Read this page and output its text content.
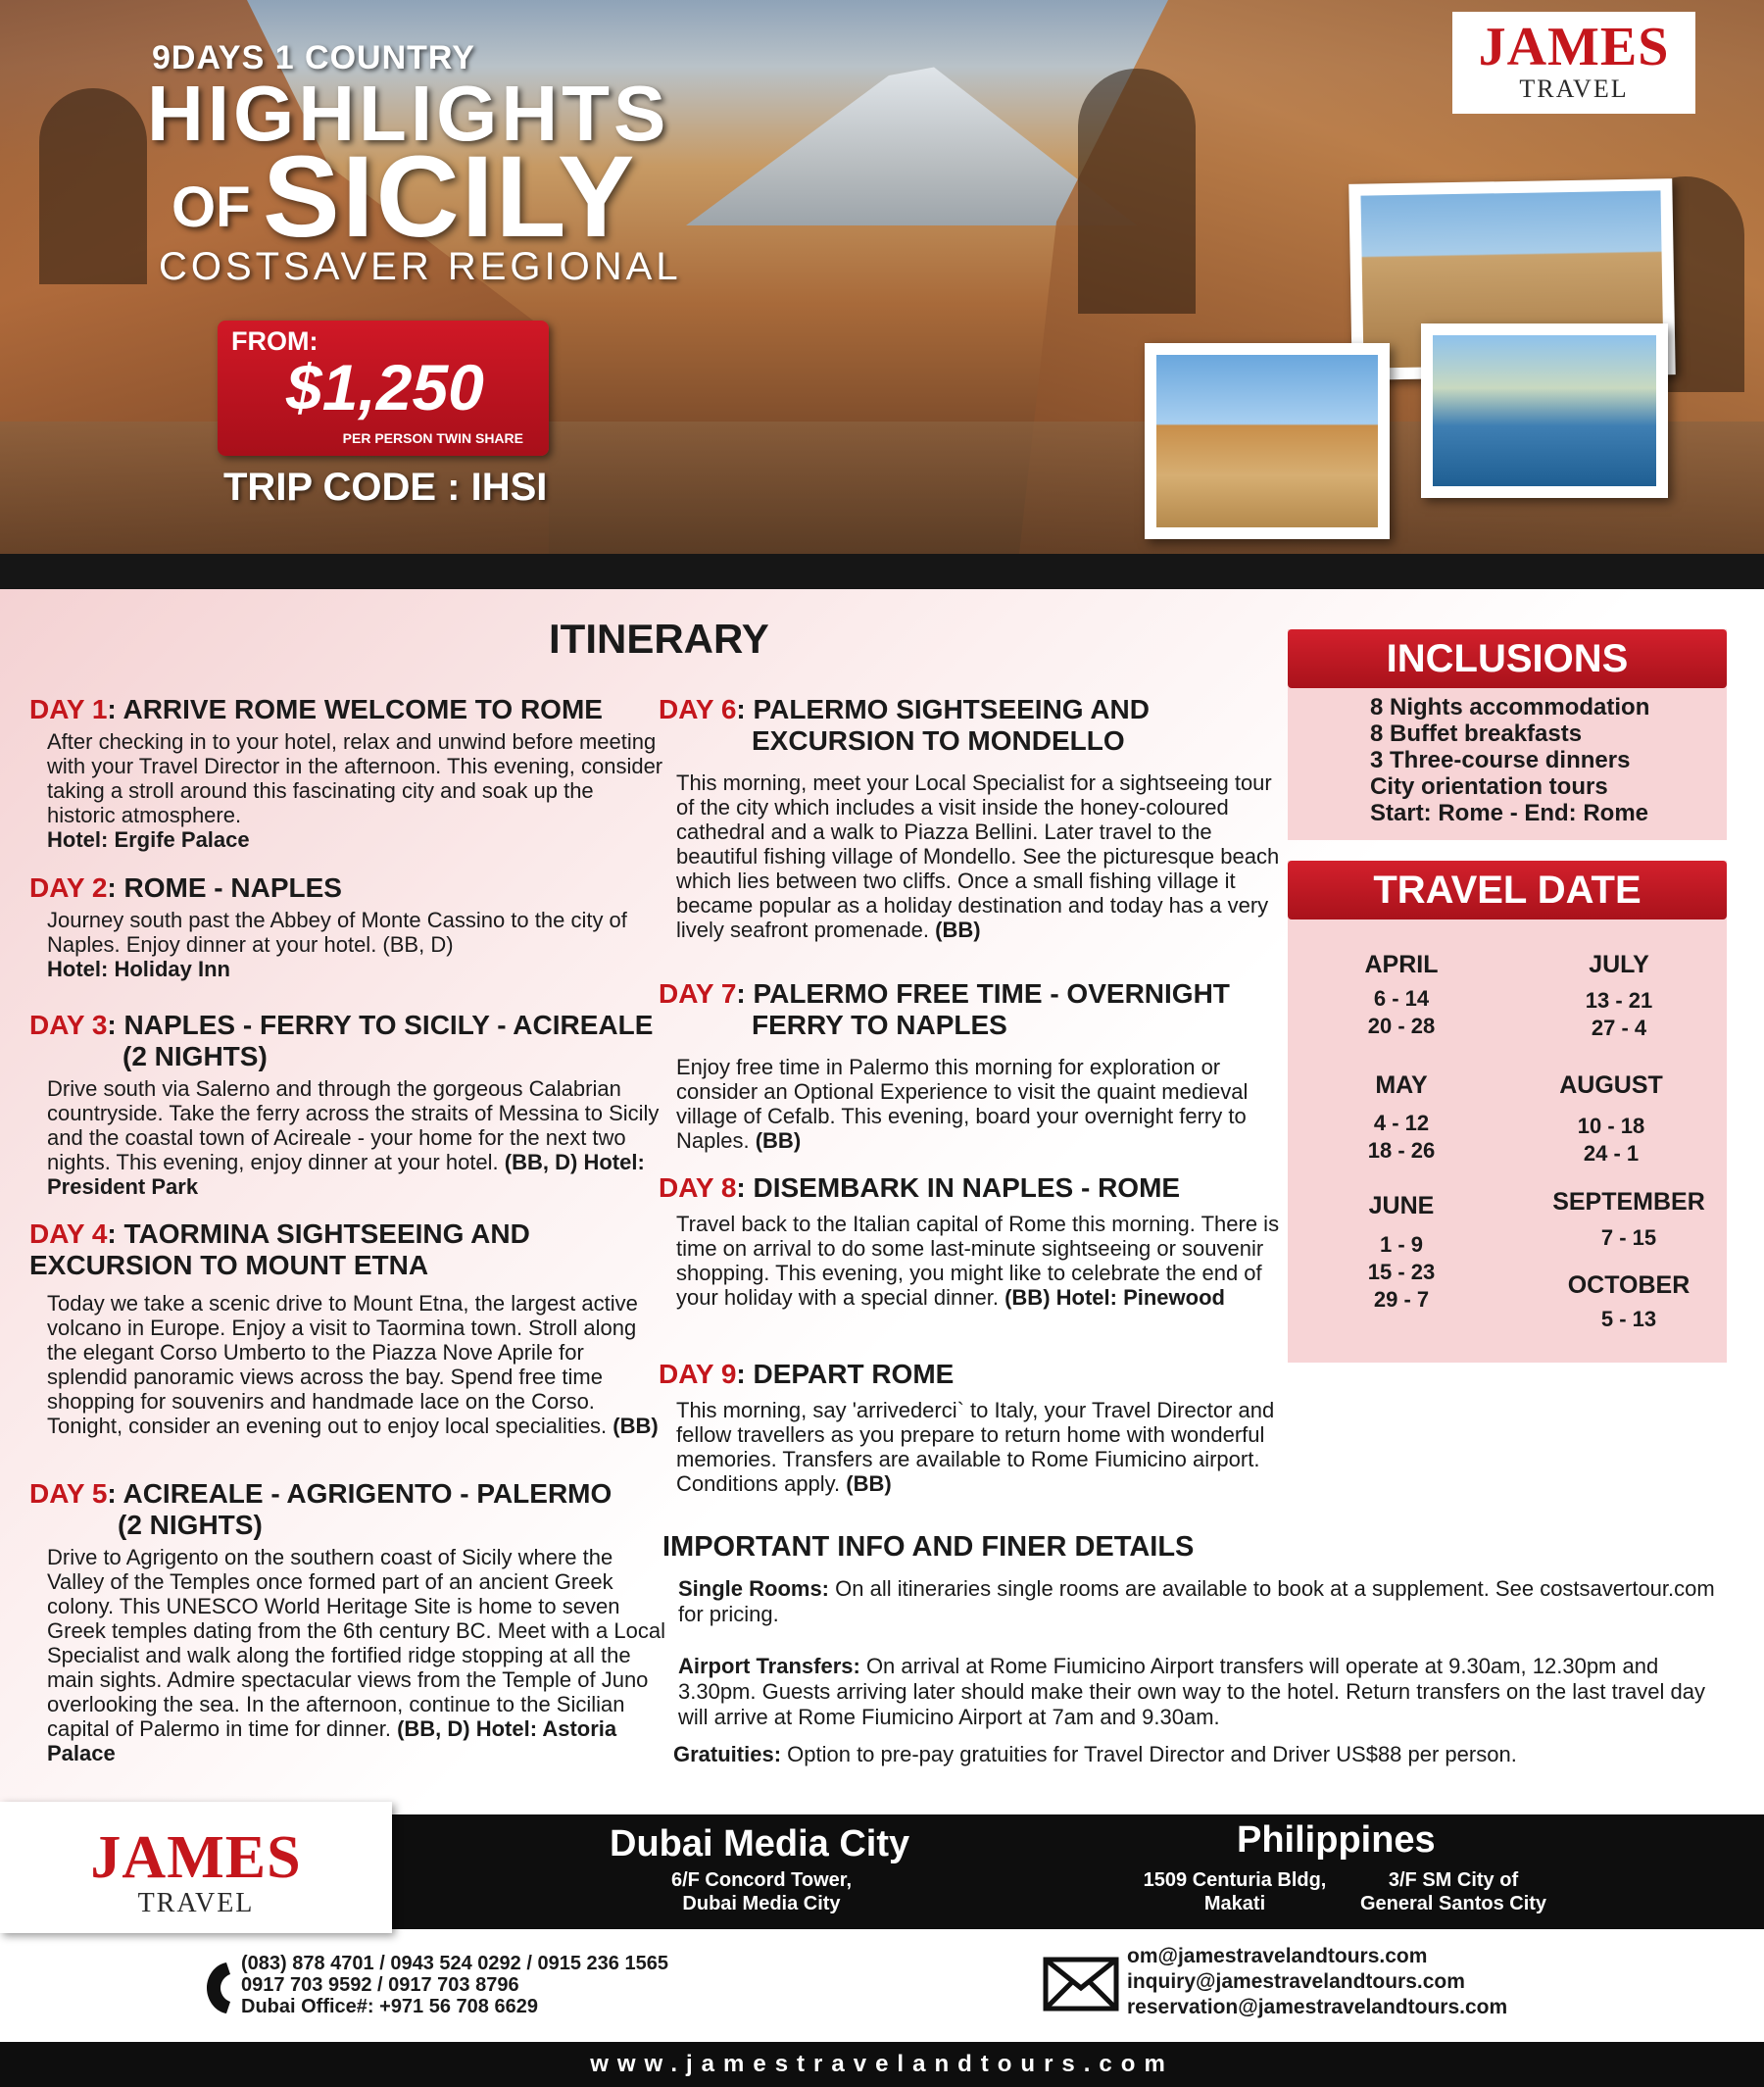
9DAYS 1 COUNTRY
HIGHLIGHTS
OF SICILY
COSTSAVER REGIONAL
FROM:
$1,250
PER PERSON TWIN SHARE
TRIP CODE : IHSI
JAMES
TRAVEL
ITINERARY
DAY 1: ARRIVE ROME WELCOME TO ROME
After checking in to your hotel, relax and unwind before meeting with your Travel Director in the afternoon. This evening, consider taking a stroll around this fascinating city and soak up the historic atmosphere.
Hotel: Ergife Palace
DAY 2: ROME - NAPLES
Journey south past the Abbey of Monte Cassino to the city of Naples. Enjoy dinner at your hotel. (BB, D)
Hotel: Holiday Inn
DAY 3: NAPLES - FERRY TO SICILY - ACIREALE
(2 NIGHTS)
Drive south via Salerno and through the gorgeous Calabrian countryside. Take the ferry across the straits of Messina to Sicily and the coastal town of Acireale - your home for the next two nights. This evening, enjoy dinner at your hotel. (BB, D) Hotel: President Park
DAY 4: TAORMINA SIGHTSEEING AND
EXCURSION TO MOUNT ETNA
Today we take a scenic drive to Mount Etna, the largest active volcano in Europe. Enjoy a visit to Taormina town. Stroll along the elegant Corso Umberto to the Piazza Nove Aprile for splendid panoramic views across the bay. Spend free time shopping for souvenirs and handmade lace on the Corso. Tonight, consider an evening out to enjoy local specialities. (BB)
DAY 5: ACIREALE - AGRIGENTO - PALERMO
(2 NIGHTS)
Drive to Agrigento on the southern coast of Sicily where the Valley of the Temples once formed part of an ancient Greek colony. This UNESCO World Heritage Site is home to seven Greek temples dating from the 6th century BC. Meet with a Local Specialist and walk along the fortified ridge stopping at all the main sights. Admire spectacular views from the Temple of Juno overlooking the sea. In the afternoon, continue to the Sicilian capital of Palermo in time for dinner. (BB, D) Hotel: Astoria Palace
DAY 6: PALERMO SIGHTSEEING AND
EXCURSION TO MONDELLO
This morning, meet your Local Specialist for a sightseeing tour of the city which includes a visit inside the honey-coloured cathedral and a walk to Piazza Bellini. Later travel to the beautiful fishing village of Mondello. See the picturesque beach which lies between two cliffs. Once a small fishing village it became popular as a holiday destination and today has a very lively seafront promenade. (BB)
DAY 7: PALERMO FREE TIME - OVERNIGHT
FERRY TO NAPLES
Enjoy free time in Palermo this morning for exploration or consider an Optional Experience to visit the quaint medieval village of Cefalb. This evening, board your overnight ferry to Naples. (BB)
DAY 8: DISEMBARK IN NAPLES - ROME
Travel back to the Italian capital of Rome this morning. There is time on arrival to do some last-minute sightseeing or souvenir shopping. This evening, you might like to celebrate the end of your holiday with a special dinner. (BB) Hotel: Pinewood
DAY 9: DEPART ROME
This morning, say 'arrivederci` to Italy, your Travel Director and fellow travellers as you prepare to return home with wonderful memories. Transfers are available to Rome Fiumicino airport. Conditions apply. (BB)
INCLUSIONS
8 Nights accommodation
8 Buffet breakfasts
3 Three-course dinners
City orientation tours
Start: Rome - End: Rome
TRAVEL DATE
APRIL
6 - 14
20 - 28
JULY
13 - 21
27 - 4
MAY
4 - 12
18 - 26
AUGUST
10 - 18
24 - 1
JUNE
1 - 9
15 - 23
29 - 7
SEPTEMBER
7 - 15
OCTOBER
5 - 13
IMPORTANT INFO AND FINER DETAILS
Single Rooms: On all itineraries single rooms are available to book at a supplement. See costsavertour.com for pricing.
Airport Transfers: On arrival at Rome Fiumicino Airport transfers will operate at 9.30am, 12.30pm and 3.30pm. Guests arriving later should make their own way to the hotel. Return transfers on the last travel day will arrive at Rome Fiumicino Airport at 7am and 9.30am.
Gratuities: Option to pre-pay gratuities for Travel Director and Driver US$88 per person.
JAMES
TRAVEL
Dubai Media City
6/F Concord Tower,
Dubai Media City
Philippines
1509 Centuria Bldg,
Makati
3/F SM City of
General Santos City
(083) 878 4701 / 0943 524 0292 / 0915 236 1565
0917 703 9592 / 0917 703 8796
Dubai Office#: +971 56 708 6629
om@jamestravelandtours.com
inquiry@jamestravelandtours.com
reservation@jamestravelandtours.com
www.jamestravelandtours.com
